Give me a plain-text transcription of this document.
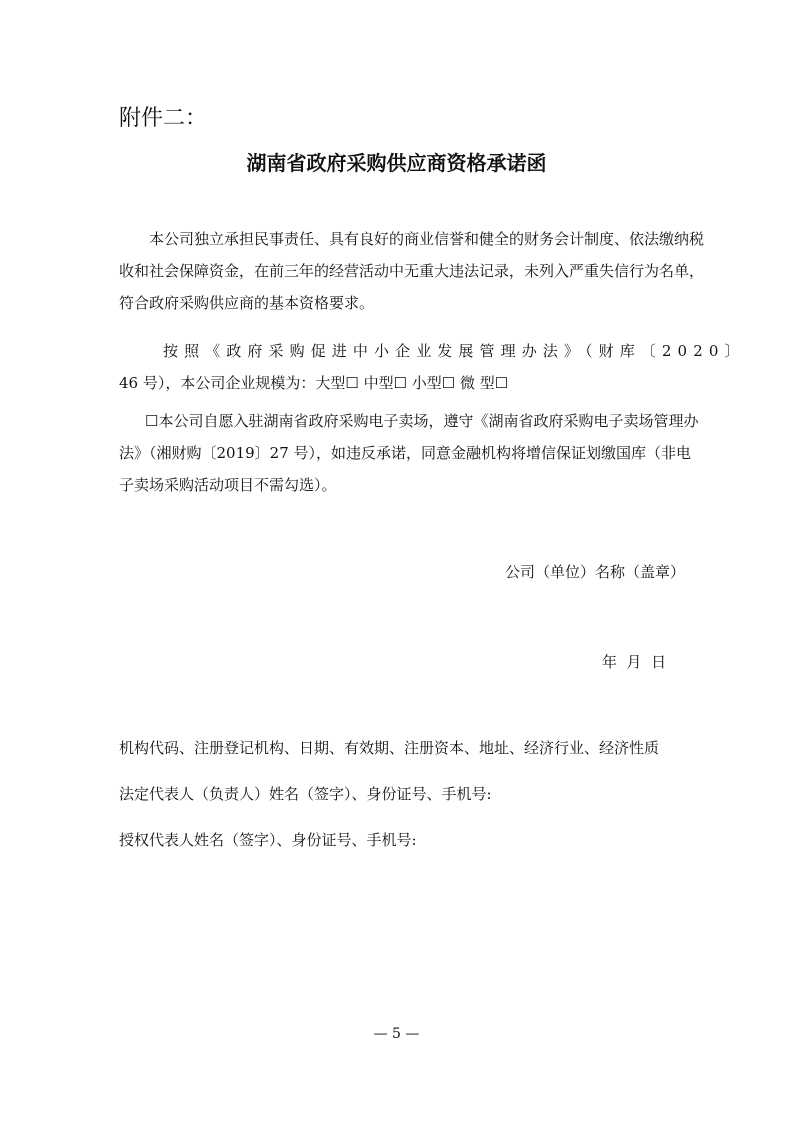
附件二：
湖南省政府采购供应商资格承诺函
本公司独立承担民事责任、具有良好的商业信誉和健全的财务会计制度、依法缴纳税
收和社会保障资金，在前三年的经营活动中无重大违法记录，未列入严重失信行为名单，
符合政府采购供应商的基本资格要求。
按照《政府采购促进中小企业发展管理办法》（财库〔2020〕
46 号），本公司企业规模为：大型☐ 中型☐ 小型☐ 微 型☐
☐本公司自愿入驻湖南省政府采购电子卖场，遵守《湖南省政府采购电子卖场管理办
法》（湘财购〔2019〕27 号），如违反承诺，同意金融机构将增信保证划缴国库（非电
子卖场采购活动项目不需勾选）。
公司（单位）名称（盖章）
年  月  日
机构代码、注册登记机构、日期、有效期、注册资本、地址、经济行业、经济性质
法定代表人（负责人）姓名（签字）、身份证号、手机号:
授权代表人姓名（签字）、身份证号、手机号:
— 5 —
